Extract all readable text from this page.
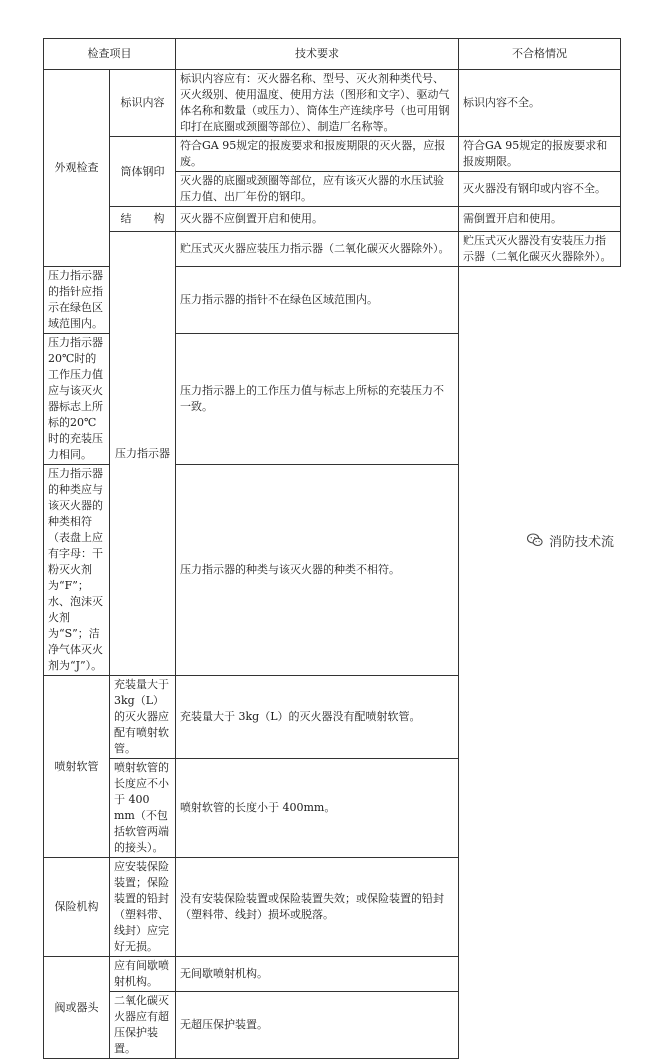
检查项目		技术要求	不合格情况
外观检查	标识内容	标识内容应有：灭火器名称、型号、灭火剂种类代号、灭火级别、使用温度、使用方法（图形和文字）、驱动气体名称和数量（或压力）、筒体生产连续序号（也可用钢印打在底圈或颈圈等部位）、制造厂名称等。	标识内容不全。
	筒体钢印	符合GA 95规定的报废要求和报废期限的灭火器，应报废。	符合GA 95规定的报废要求和报废期限。
		灭火器的底圈或颈圈等部位，应有该灭火器的水压试验压力值、出厂年份的钢印。	灭火器没有钢印或内容不全。
	结　　构	灭火器不应倒置开启和使用。	需倒置开启和使用。
	压力指示器	贮压式灭火器应装压力指示器（二氧化碳灭火器除外）。	贮压式灭火器没有安装压力指示器（二氧化碳灭火器除外）。
压力指示器的指针应指示在绿色区域范围内。		压力指示器的指针不在绿色区域范围内。	
压力指示器 20℃时的工作压力值应与该灭火器标志上所标的20℃时的充装压力相同。		压力指示器上的工作压力值与标志上所标的充装压力不一致。	
压力指示器的种类应与该灭火器的种类相符（表盘上应有字母：干粉灭火剂为“F”；水、泡沫灭火剂为“S”；洁净气体灭火剂为“J”）。		压力指示器的种类与该灭火器的种类不相符。	
喷射软管	充装量大于 3kg（L）的灭火器应配有喷射软管。	充装量大于 3kg（L）的灭火器没有配喷射软管。	
	喷射软管的长度应不小于 400 mm（不包括软管两端的接头）。	喷射软管的长度小于 400mm。	
保险机构	应安装保险装置；保险装置的铅封（塑料带、线封）应完好无损。	没有安装保险装置或保险装置失效；或保险装置的铅封（塑料带、线封）损坏或脱落。	
阀或器头	应有间歇喷射机构。	无间歇喷射机构。	
	二氧化碳灭火器应有超压保护装置。	无超压保护装置。	
消防技术流
